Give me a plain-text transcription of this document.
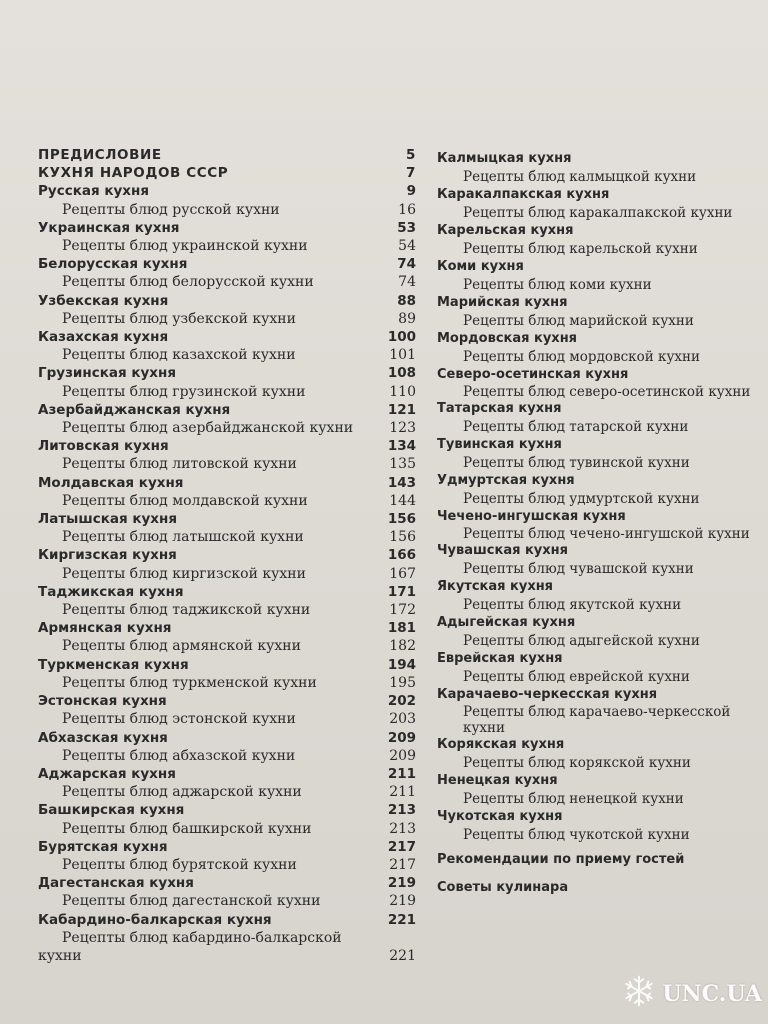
ПРЕДИСЛОВИЕ	5
КУХНЯ НАРОДОВ СССР	7
Русская кухня	9
Рецепты блюд русской кухни	16
Украинская кухня	53
Рецепты блюд украинской кухни	54
Белорусская кухня	74
Рецепты блюд белорусской кухни	74
Узбекская кухня	88
Рецепты блюд узбекской кухни	89
Казахская кухня	100
Рецепты блюд казахской кухни	101
Грузинская кухня	108
Рецепты блюд грузинской кухни	110
Азербайджанская кухня	121
Рецепты блюд азербайджанской кухни	123
Литовская кухня	134
Рецепты блюд литовской кухни	135
Молдавская кухня	143
Рецепты блюд молдавской кухни	144
Латышская кухня	156
Рецепты блюд латышской кухни	156
Киргизская кухня	166
Рецепты блюд киргизской кухни	167
Таджикская кухня	171
Рецепты блюд таджикской кухни	172
Армянская кухня	181
Рецепты блюд армянской кухни	182
Туркменская кухня	194
Рецепты блюд туркменской кухни	195
Эстонская кухня	202
Рецепты блюд эстонской кухни	203
Абхазская кухня	209
Рецепты блюд абхазской кухни	209
Аджарская кухня	211
Рецепты блюд аджарской кухни	211
Башкирская кухня	213
Рецепты блюд башкирской кухни	213
Бурятская кухня	217
Рецепты блюд бурятской кухни	217
Дагестанская кухня	219
Рецепты блюд дагестанской кухни	219
Кабардино-балкарская кухня	221
Рецепты блюд кабардино-балкарской
кухни	221
Калмыцкая кухня
Рецепты блюд калмыцкой кухни
Каракалпакская кухня
Рецепты блюд каракалпакской кухни
Карельская кухня
Рецепты блюд карельской кухни
Коми кухня
Рецепты блюд коми кухни
Марийская кухня
Рецепты блюд марийской кухни
Мордовская кухня
Рецепты блюд мордовской кухни
Северо-осетинская кухня
Рецепты блюд северо-осетинской кухни
Татарская кухня
Рецепты блюд татарской кухни
Тувинская кухня
Рецепты блюд тувинской кухни
Удмуртская кухня
Рецепты блюд удмуртской кухни
Чечено-ингушская кухня
Рецепты блюд чечено-ингушской кухни
Чувашская кухня
Рецепты блюд чувашской кухни
Якутская кухня
Рецепты блюд якутской кухни
Адыгейская кухня
Рецепты блюд адыгейской кухни
Еврейская кухня
Рецепты блюд еврейской кухни
Карачаево-черкесская кухня
Рецепты блюд карачаево-черкесской кухни
Корякская кухня
Рецепты блюд корякской кухни
Ненецкая кухня
Рецепты блюд ненецкой кухни
Чукотская кухня
Рецепты блюд чукотской кухни
Рекомендации по приему гостей
Советы кулинара
UNC.UA
